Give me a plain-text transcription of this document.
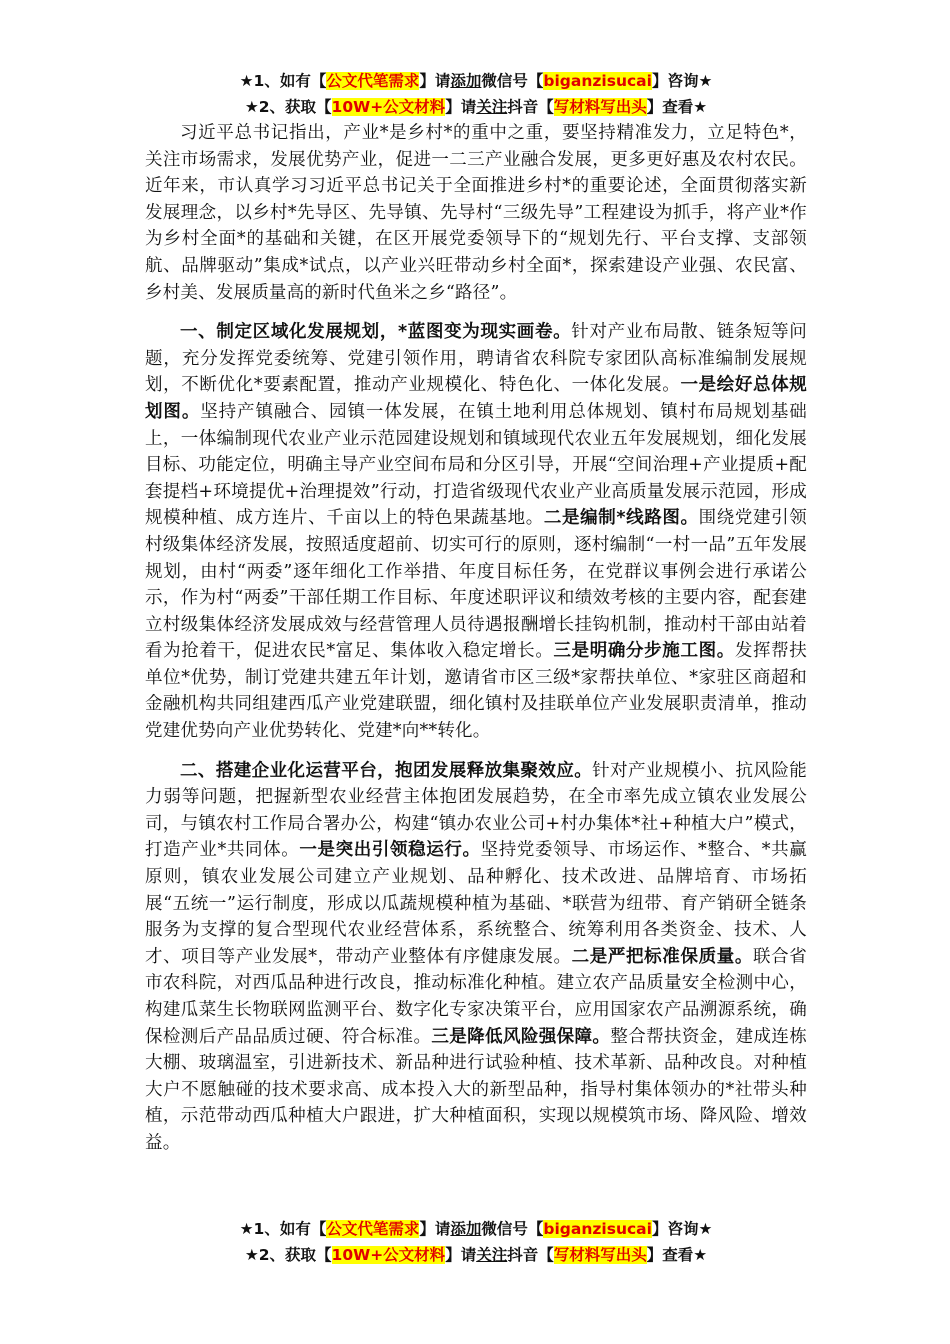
★1、如有【公文代笔需求】请添加微信号【biganzisucai】咨询★
★2、获取【10W+公文材料】请关注抖音【写材料写出头】查看★

习近平总书记指出，产业*是乡村*的重中之重，要坚持精准发力，立足特色*，关注市场需求，发展优势产业，促进一二三产业融合发展，更多更好惠及农村农民。近年来，市认真学习习近平总书记关于全面推进乡村*的重要论述，全面贯彻落实新发展理念，以乡村*先导区、先导镇、先导村“三级先导”工程建设为抓手，将产业*作为乡村全面*的基础和关键，在区开展党委领导下的“规划先行、平台支撑、支部领航、品牌驱动”集成*试点，以产业兴旺带动乡村全面*，探索建设产业强、农民富、乡村美、发展质量高的新时代鱼米之乡“路径”。

一、制定区域化发展规划，*蓝图变为现实画卷。针对产业布局散、链条短等问题，充分发挥党委统筹、党建引领作用，聘请省农科院专家团队高标准编制发展规划，不断优化*要素配置，推动产业规模化、特色化、一体化发展。一是绘好总体规划图。坚持产镇融合、园镇一体发展，在镇土地利用总体规划、镇村布局规划基础上，一体编制现代农业产业示范园建设规划和镇域现代农业五年发展规划，细化发展目标、功能定位，明确主导产业空间布局和分区引导，开展“空间治理+产业提质+配套提档+环境提优+治理提效”行动，打造省级现代农业产业高质量发展示范园，形成规模种植、成方连片、千亩以上的特色果蔬基地。二是编制*线路图。围绕党建引领村级集体经济发展，按照适度超前、切实可行的原则，逐村编制“一村一品”五年发展规划，由村“两委”逐年细化工作举措、年度目标任务，在党群议事例会进行承诺公示，作为村“两委”干部任期工作目标、年度述职评议和绩效考核的主要内容，配套建立村级集体经济发展成效与经营管理人员待遇报酬增长挂钩机制，推动村干部由站着看为抢着干，促进农民*富足、集体收入稳定增长。三是明确分步施工图。发挥帮扶单位*优势，制订党建共建五年计划，邀请省市区三级*家帮扶单位、*家驻区商超和金融机构共同组建西瓜产业党建联盟，细化镇村及挂联单位产业发展职责清单，推动党建优势向产业优势转化、党建*向**转化。

二、搭建企业化运营平台，抱团发展释放集聚效应。针对产业规模小、抗风险能力弱等问题，把握新型农业经营主体抱团发展趋势，在全市率先成立镇农业发展公司，与镇农村工作局合署办公，构建“镇办农业公司+村办集体*社+种植大户”模式，打造产业*共同体。一是突出引领稳运行。坚持党委领导、市场运作、*整合、*共赢原则，镇农业发展公司建立产业规划、品种孵化、技术改进、品牌培育、市场拓展“五统一”运行制度，形成以瓜蔬规模种植为基础、*联营为纽带、育产销研全链条服务为支撑的复合型现代农业经营体系，系统整合、统筹利用各类资金、技术、人才、项目等产业发展*，带动产业整体有序健康发展。二是严把标准保质量。联合省市农科院，对西瓜品种进行改良，推动标准化种植。建立农产品质量安全检测中心，构建瓜菜生长物联网监测平台、数字化专家决策平台，应用国家农产品溯源系统，确保检测后产品品质过硬、符合标准。三是降低风险强保障。整合帮扶资金，建成连栋大棚、玻璃温室，引进新技术、新品种进行试验种植、技术革新、品种改良。对种植大户不愿触碰的技术要求高、成本投入大的新型品种，指导村集体领办的*社带头种植，示范带动西瓜种植大户跟进，扩大种植面积，实现以规模筑市场、降风险、增效益。

★1、如有【公文代笔需求】请添加微信号【biganzisucai】咨询★
★2、获取【10W+公文材料】请关注抖音【写材料写出头】查看★
